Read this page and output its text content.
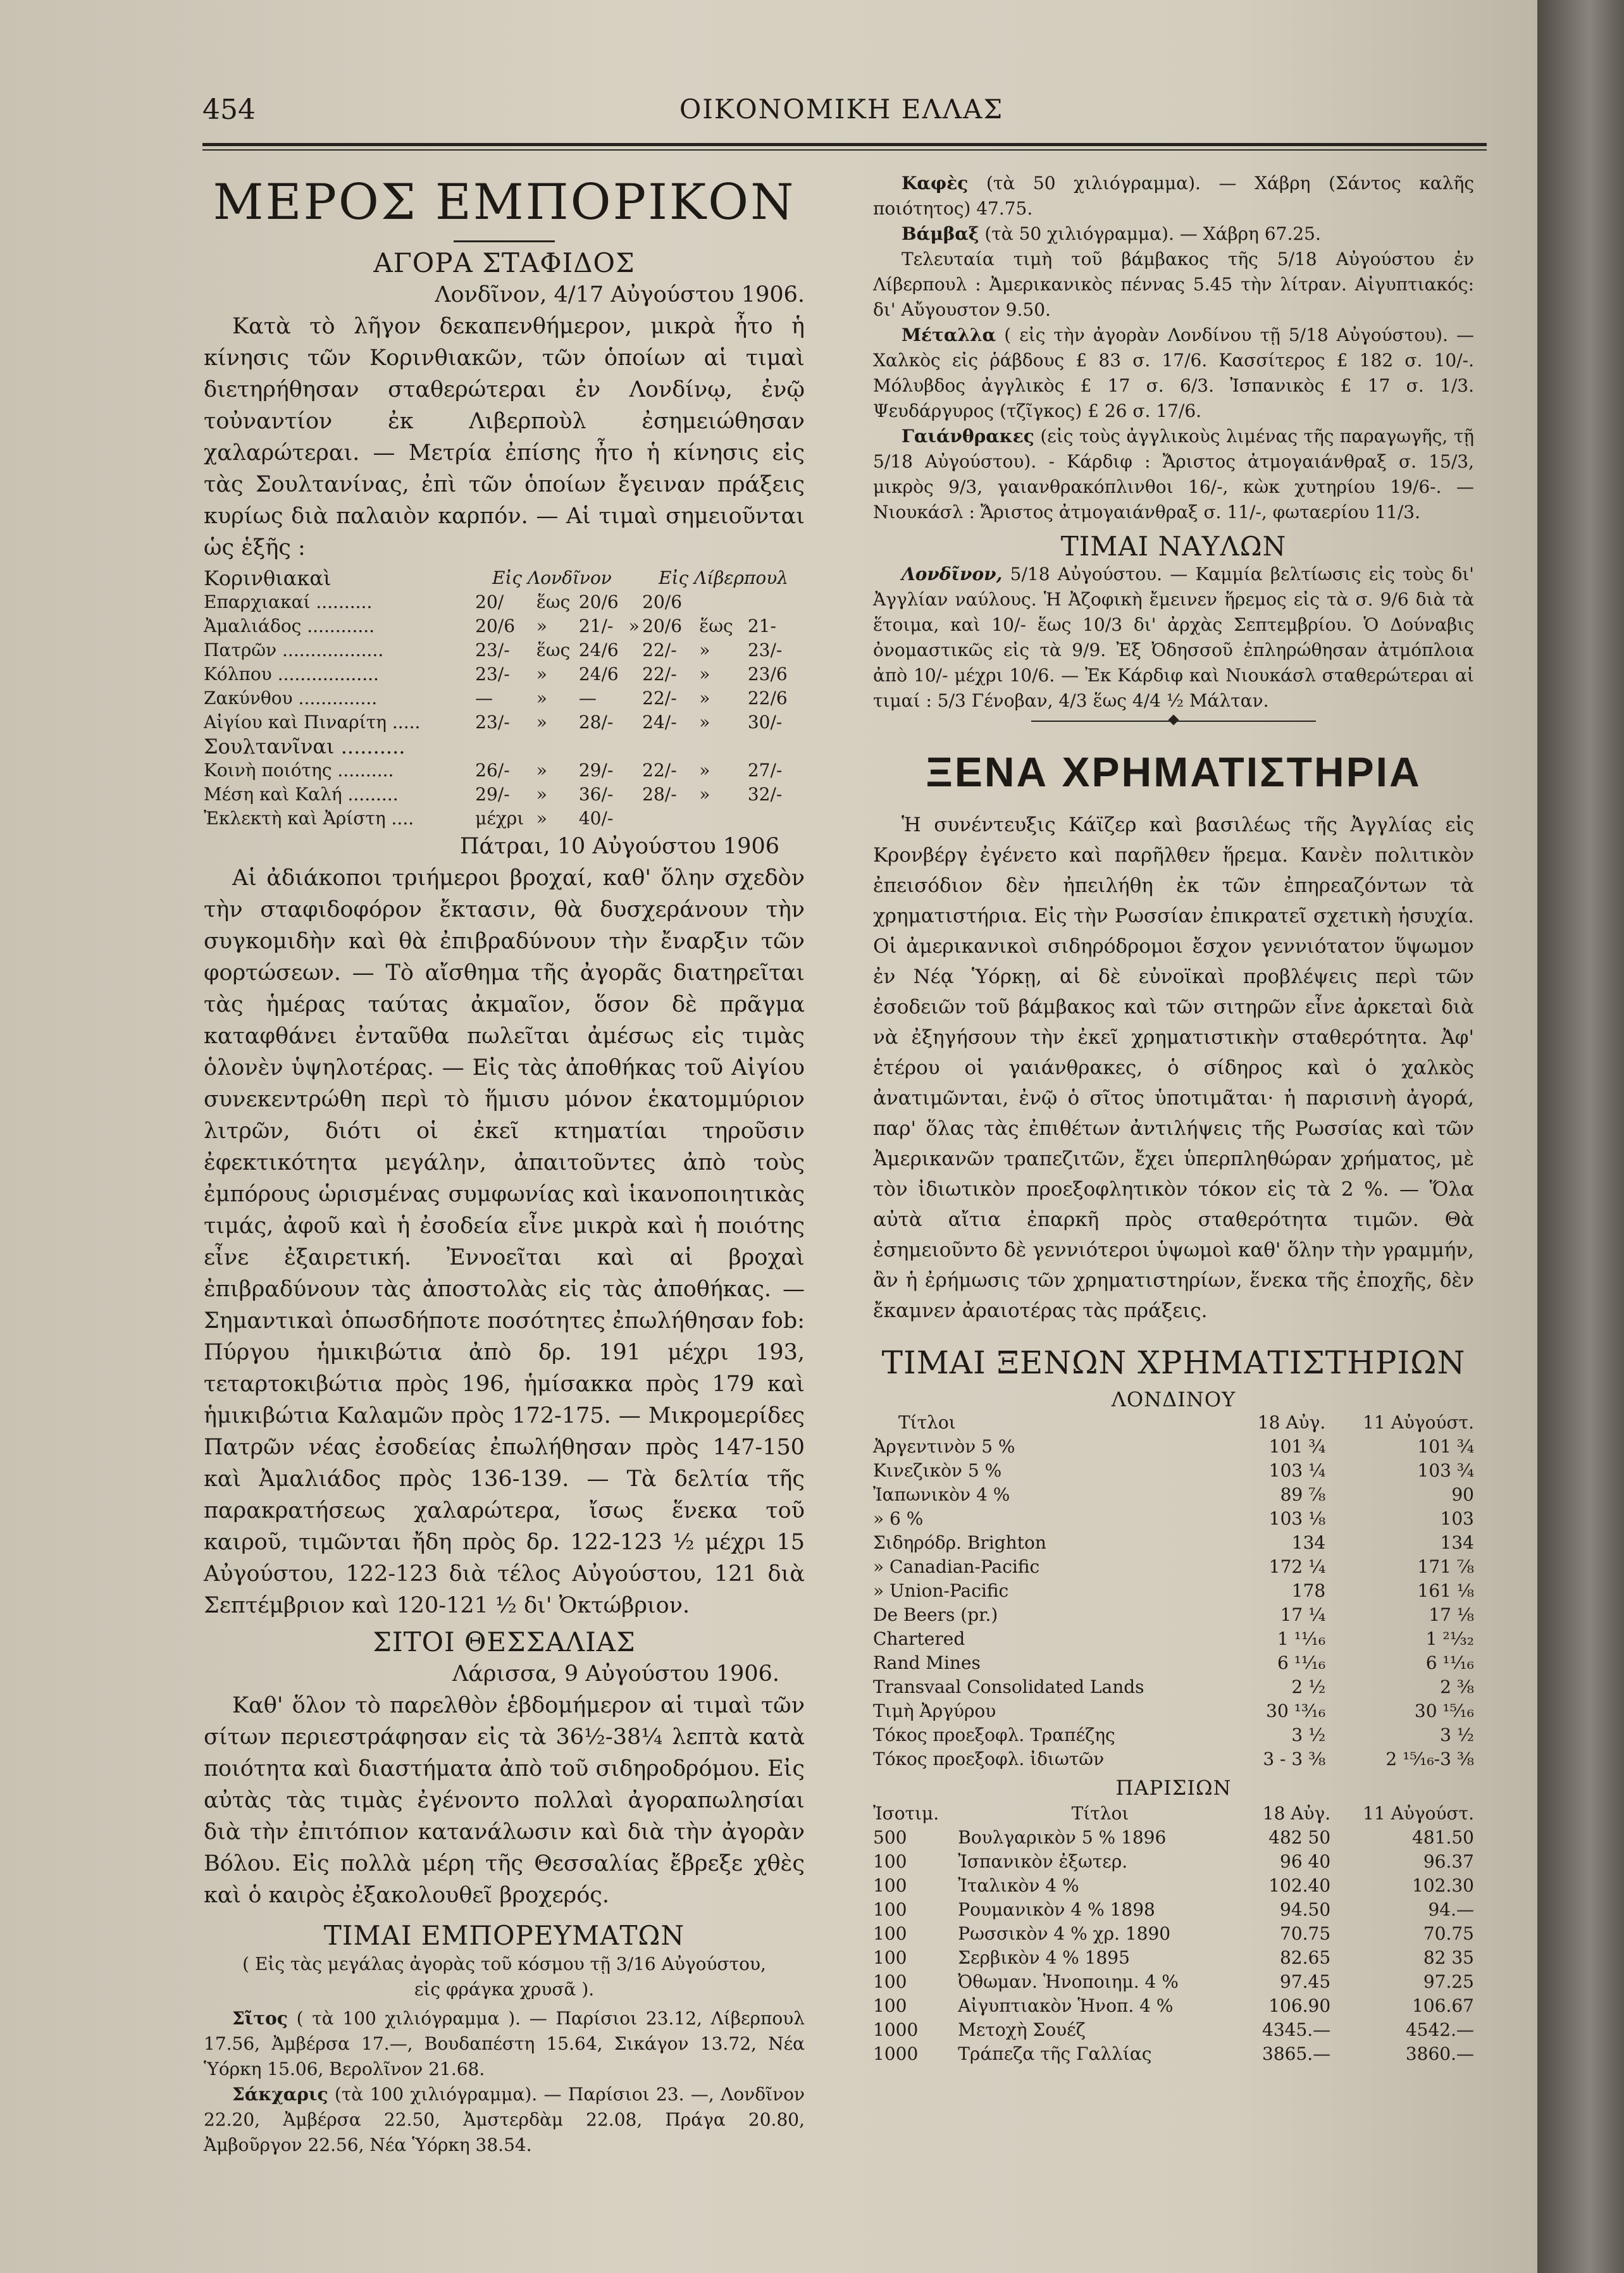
454	ΟΙΚΟΝΟΜΙΚΗ ΕΛΛΑΣ
ΜΕΡΟΣ ΕΜΠΟΡΙΚΟΝ
ΑΓΟΡΑ ΣΤΑΦΙΔΟΣ

Λονδῖνον, 4/17 Αὐγούστου 1906.

Κατὰ τὸ λῆγον δεκαπενθήμερον, μικρὰ ἦτο ἡ κίνησις τῶν Κορινθιακῶν, τῶν ὁποίων αἱ τιμαὶ διετηρήθησαν σταθερώτεραι ἐν Λονδίνῳ, ἐνῷ τοὐναντίον ἐκ Λιβερποὺλ ἐσημειώθησαν χαλαρώτεραι. — Μετρία ἐπίσης ἦτο ἡ κίνησις εἰς τὰς Σουλτανίνας, ἐπὶ τῶν ὁποίων ἔγειναν πράξεις κυρίως διὰ παλαιὸν καρπόν. — Αἱ τιμαὶ σημειοῦνται ὡς ἑξῆς :

Κορινθιακαὶ	Εἰς Λονδῖνον				Εἰς Λίβερπουλ		
Επαρχιακαί ..........	20/	ἕως	20/6		20/6		
Ἀμαλιάδος ............	20/6	»	21/-	»	20/6	ἕως	21-
Πατρῶν ..................	23/-	ἕως	24/6		22/-	»	23/-
Κόλπου ..................	23/-	»	24/6		22/-	»	23/6
Ζακύνθου ..............	—	»	—		22/-	»	22/6
Αἰγίου καὶ Πιναρίτη .....	23/-	»	28/-		24/-	»	30/-
Σουλτανῖναι ..........							
Κοινὴ ποιότης ..........	26/-	»	29/-		22/-	»	27/-
Μέση καὶ Καλή .........	29/-	»	36/-		28/-	»	32/-
Ἐκλεκτὴ καὶ Ἀρίστη ....	μέχρι	»	40/-				

Πάτραι, 10 Αὐγούστου 1906

Αἱ ἀδιάκοποι τριήμεροι βροχαί, καθ' ὅλην σχεδὸν τὴν σταφιδοφόρον ἔκτασιν, θὰ δυσχεράνουν τὴν συγκομιδὴν καὶ θὰ ἐπιβραδύνουν τὴν ἔναρξιν τῶν φορτώσεων. — Τὸ αἴσθημα τῆς ἀγορᾶς διατηρεῖται τὰς ἡμέρας ταύτας ἀκμαῖον, ὅσον δὲ πρᾶγμα καταφθάνει ἐνταῦθα πωλεῖται ἀμέσως εἰς τιμὰς ὁλονὲν ὑψηλοτέρας. — Εἰς τὰς ἀποθήκας τοῦ Αἰγίου συνεκεντρώθη περὶ τὸ ἥμισυ μόνον ἑκατομμύριον λιτρῶν, διότι οἱ ἐκεῖ κτηματίαι τηροῦσιν ἐφεκτικότητα μεγάλην, ἀπαιτοῦντες ἀπὸ τοὺς ἐμπόρους ὡρισμένας συμφωνίας καὶ ἱκανοποιητικὰς τιμάς, ἀφοῦ καὶ ἡ ἐσοδεία εἶνε μικρὰ καὶ ἡ ποιότης εἶνε ἐξαιρετική. Ἐννοεῖται καὶ αἱ βροχαὶ ἐπιβραδύνουν τὰς ἀποστολὰς εἰς τὰς ἀποθήκας. — Σημαντικαὶ ὁπωσδήποτε ποσότητες ἐπωλήθησαν fob: Πύργου ἡμικιβώτια ἀπὸ δρ. 191 μέχρι 193, τεταρτοκιβώτια πρὸς 196, ἡμίσακκα πρὸς 179 καὶ ἡμικιβώτια Καλαμῶν πρὸς 172-175. — Μικρομερίδες Πατρῶν νέας ἐσοδείας ἐπωλήθησαν πρὸς 147-150 καὶ Ἀμαλιάδος πρὸς 136-139. — Τὰ δελτία τῆς παρακρατήσεως χαλαρώτερα, ἴσως ἕνεκα τοῦ καιροῦ, τιμῶνται ἤδη πρὸς δρ. 122-123 ½ μέχρι 15 Αὐγούστου, 122-123 διὰ τέλος Αὐγούστου, 121 διὰ Σεπτέμβριον καὶ 120-121 ½ δι' Ὀκτώβριον.

ΣΙΤΟΙ ΘΕΣΣΑΛΙΑΣ

Λάρισσα, 9 Αὐγούστου 1906.

Καθ' ὅλον τὸ παρελθὸν ἑβδομήμερον αἱ τιμαὶ τῶν σίτων περιεστράφησαν εἰς τὰ 36½-38¼ λεπτὰ κατὰ ποιότητα καὶ διαστήματα ἀπὸ τοῦ σιδηροδρόμου. Εἰς αὐτὰς τὰς τιμὰς ἐγένοντο πολλαὶ ἀγοραπωλησίαι διὰ τὴν ἐπιτόπιον κατανάλωσιν καὶ διὰ τὴν ἀγορὰν Βόλου. Εἰς πολλὰ μέρη τῆς Θεσσαλίας ἔβρεξε χθὲς καὶ ὁ καιρὸς ἐξακολουθεῖ βροχερός.

ΤΙΜΑΙ ΕΜΠΟΡΕΥΜΑΤΩΝ

( Εἰς τὰς μεγάλας ἀγορὰς τοῦ κόσμου τῇ 3/16 Αὐγούστου, εἰς φράγκα χρυσᾶ ).

Σῖτος ( τὰ 100 χιλιόγραμμα ). — Παρίσιοι 23.12, Λίβερπουλ 17.56, Ἀμβέρσα 17.—, Βουδαπέστη 15.64, Σικάγον 13.72, Νέα Ὑόρκη 15.06, Βερολῖνον 21.68.

Σάκχαρις (τὰ 100 χιλιόγραμμα). — Παρίσιοι 23. —, Λονδῖνον 22.20, Ἀμβέρσα 22.50, Ἀμστερδὰμ 22.08, Πράγα 20.80, Ἀμβοῦργον 22.56, Νέα Ὑόρκη 38.54.

Καφὲς (τὰ 50 χιλιόγραμμα). — Χάβρη (Σάντος καλῆς ποιότητος) 47.75.

Βάμβαξ (τὰ 50 χιλιόγραμμα). — Χάβρη 67.25.

Τελευταία τιμὴ τοῦ βάμβακος τῆς 5/18 Αὐγούστου ἐν Λίβερπουλ : Ἀμερικανικὸς πέννας 5.45 τὴν λίτραν. Αἰγυπτιακός: δι' Αὔγουστον 9.50.

Μέταλλα ( εἰς τὴν ἀγορὰν Λονδίνου τῇ 5/18 Αὐγούστου). — Χαλκὸς εἰς ῥάβδους £ 83 σ. 17/6. Κασσίτερος £ 182 σ. 10/-. Μόλυβδος ἀγγλικὸς £ 17 σ. 6/3. Ἰσπανικὸς £ 17 σ. 1/3. Ψευδάργυρος (τζῖγκος) £ 26 σ. 17/6.

Γαιάνθρακες (εἰς τοὺς ἀγγλικοὺς λιμένας τῆς παραγωγῆς, τῇ 5/18 Αὐγούστου). - Κάρδιφ : Ἄριστος ἀτμογαιάνθραξ σ. 15/3, μικρὸς 9/3, γαιανθρακόπλινθοι 16/-, κὼκ χυτηρίου 19/6-. — Νιουκάσλ : Ἄριστος ἀτμογαιάνθραξ σ. 11/-, φωταερίου 11/3.

ΤΙΜΑΙ ΝΑΥΛΩΝ

Λονδῖνον, 5/18 Αὐγούστου. — Καμμία βελτίωσις εἰς τοὺς δι' Ἀγγλίαν ναύλους. Ἡ Ἀζοφικὴ ἔμεινεν ἥρεμος εἰς τὰ σ. 9/6 διὰ τὰ ἕτοιμα, καὶ 10/- ἕως 10/3 δι' ἀρχὰς Σεπτεμβρίου. Ὁ Δούναβις ὀνομαστικῶς εἰς τὰ 9/9. Ἐξ Ὀδησσοῦ ἐπληρώθησαν ἀτμόπλοια ἀπὸ 10/- μέχρι 10/6. — Ἐκ Κάρδιφ καὶ Νιουκάσλ σταθερώτεραι αἱ τιμαί : 5/3 Γένοβαν, 4/3 ἕως 4/4 ½ Μάλταν.

ΞΕΝΑ ΧΡΗΜΑΤΙΣΤΗΡΙΑ

Ἡ συνέντευξις Κάϊζερ καὶ βασιλέως τῆς Ἀγγλίας εἰς Κρονβέργ ἐγένετο καὶ παρῆλθεν ἥρεμα. Κανὲν πολιτικὸν ἐπεισόδιον δὲν ἠπειλήθη ἐκ τῶν ἐπηρεαζόντων τὰ χρηματιστήρια. Εἰς τὴν Ρωσσίαν ἐπικρατεῖ σχετικὴ ἡσυχία. Οἱ ἀμερικανικοὶ σιδηρόδρομοι ἔσχον γεννιότατον ὕψωμον ἐν Νέᾳ Ὑόρκῃ, αἱ δὲ εὐνοϊκαὶ προβλέψεις περὶ τῶν ἐσοδειῶν τοῦ βάμβακος καὶ τῶν σιτηρῶν εἶνε ἀρκεταὶ διὰ νὰ ἐξηγήσουν τὴν ἐκεῖ χρηματιστικὴν σταθερότητα. Ἀφ' ἑτέρου οἱ γαιάνθρακες, ὁ σίδηρος καὶ ὁ χαλκὸς ἀνατιμῶνται, ἐνῷ ὁ σῖτος ὑποτιμᾶται· ἡ παρισινὴ ἀγορά, παρ' ὅλας τὰς ἐπιθέτων ἀντιλήψεις τῆς Ρωσσίας καὶ τῶν Ἀμερικανῶν τραπεζιτῶν, ἔχει ὑπερπληθώραν χρήματος, μὲ τὸν ἰδιωτικὸν προεξοφλητικὸν τόκον εἰς τὰ 2 %. — Ὅλα αὐτὰ αἴτια ἐπαρκῆ πρὸς σταθερότητα τιμῶν. Θὰ ἐσημειοῦντο δὲ γεννιότεροι ὑψωμοὶ καθ' ὅλην τὴν γραμμήν, ἂν ἡ ἐρήμωσις τῶν χρηματιστηρίων, ἕνεκα τῆς ἐποχῆς, δὲν ἔκαμνεν ἀραιοτέρας τὰς πράξεις.

ΤΙΜΑΙ ΞΕΝΩΝ ΧΡΗΜΑΤΙΣΤΗΡΙΩΝ
ΛΟΝΔΙΝΟΥ
Τίτλοι	18 Αὐγ.	11 Αὐγούστ.
Ἀργεντινὸν 5 %	101 ¾	101 ¾
Κινεζικὸν 5 %	103 ¼	103 ¾
Ἰαπωνικὸν 4 %	89 ⅞	90
» 6 %	103 ⅛	103
Σιδηρόδρ. Brighton	134	134
» Canadian-Pacific	172 ¼	171 ⅞
» Union-Pacific	178	161 ⅛
De Beers (pr.)	17 ¼	17 ⅛
Chartered	1 ¹¹⁄₁₆	1 ²¹⁄₃₂
Rand Mines	6 ¹¹⁄₁₆	6 ¹¹⁄₁₆
Transvaal Consolidated Lands	2 ½	2 ⅜
Τιμὴ Ἀργύρου	30 ¹³⁄₁₆	30 ¹⁵⁄₁₆
Τόκος προεξοφλ. Τραπέζης	3 ½	3 ½
Τόκος προεξοφλ. ἰδιωτῶν	3 - 3 ⅜	2 ¹⁵⁄₁₆-3 ⅜
ΠΑΡΙΣΙΩΝ
Ἰσοτιμ.	Τίτλοι	18 Αὐγ.	11 Αὐγούστ.
500	Βουλγαρικὸν 5 % 1896	482 50	481.50
100	Ἰσπανικὸν ἐξωτερ.	96 40	96.37
100	Ἰταλικὸν 4 %	102.40	102.30
100	Ρουμανικὸν 4 % 1898	94.50	94.—
100	Ρωσσικὸν 4 % χρ. 1890	70.75	70.75
100	Σερβικὸν 4 % 1895	82.65	82 35
100	Ὀθωμαν. Ἡνοποιημ. 4 %	97.45	97.25
100	Αἰγυπτιακὸν Ἡνοπ. 4 %	106.90	106.67
1000	Μετοχὴ Σουέζ	4345.—	4542.—
1000	Τράπεζα τῆς Γαλλίας	3865.—	3860.—
